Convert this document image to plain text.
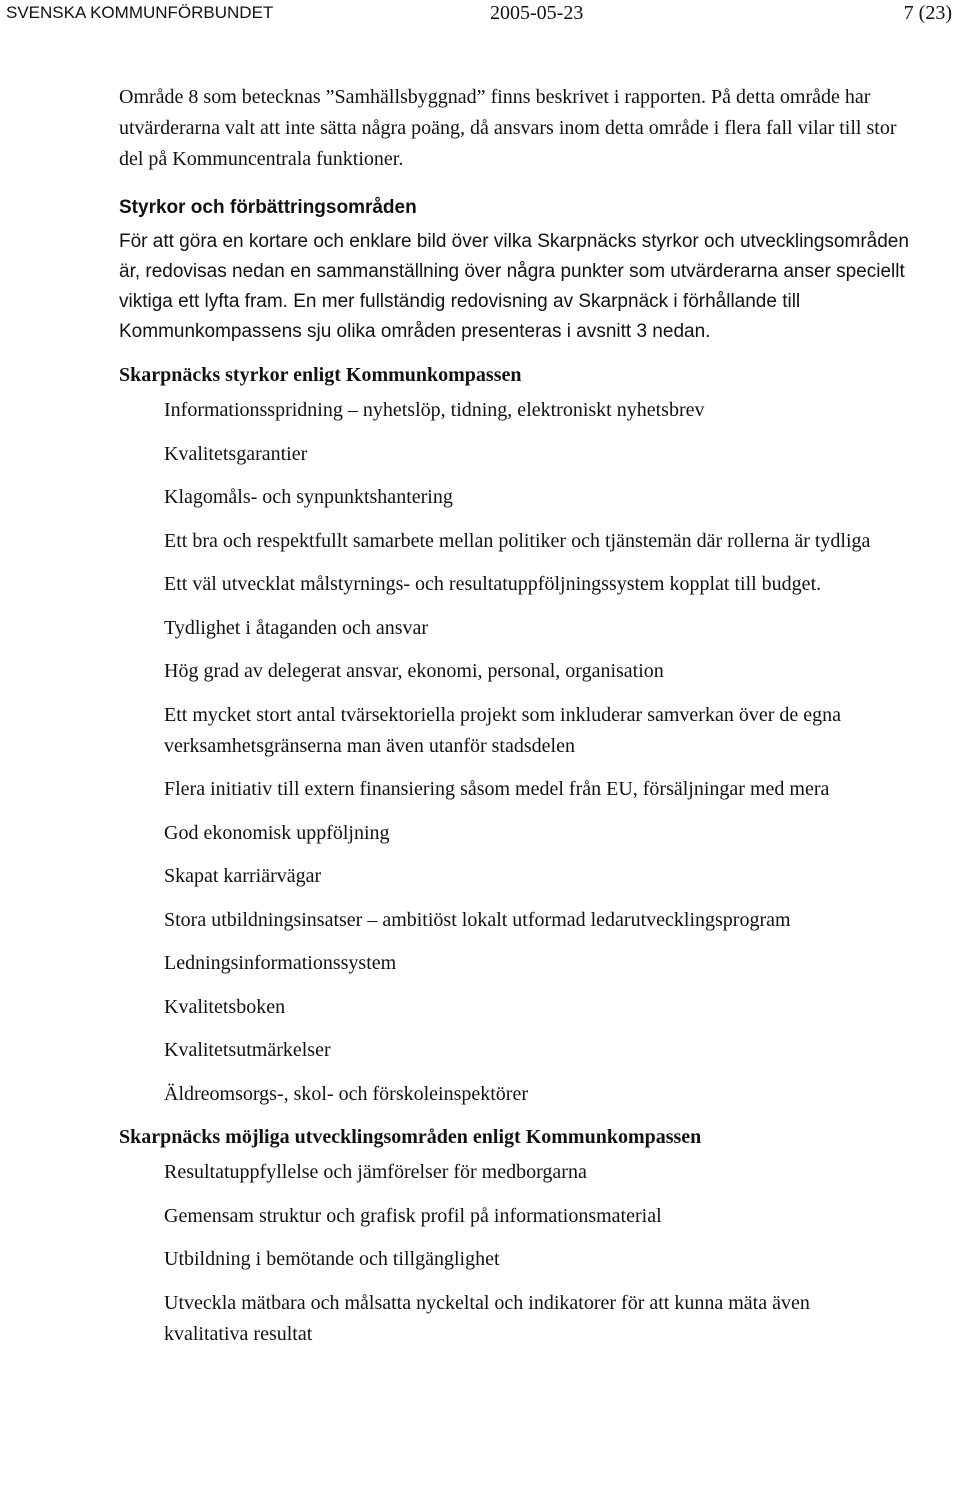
SVENSKA KOMMUNFÖRBUNDET	2005-05-23	7 (23)

Område 8 som betecknas ”Samhällsbyggnad” finns beskrivet i rapporten. På detta område har utvärderarna valt att inte sätta några poäng, då ansvars inom detta område i flera fall vilar till stor del på Kommuncentrala funktioner.

Styrkor och förbättringsområden

För att göra en kortare och enklare bild över vilka Skarpnäcks styrkor och utvecklingsområden är, redovisas nedan en sammanställning över några punkter som utvärderarna anser speciellt viktiga ett lyfta fram. En mer fullständig redovisning av Skarpnäck i förhållande till Kommunkompassens sju olika områden presenteras i avsnitt 3 nedan.

Skarpnäcks styrkor enligt Kommunkompassen
Informationsspridning – nyhetslöp, tidning, elektroniskt nyhetsbrev
Kvalitetsgarantier
Klagomåls- och synpunktshantering
Ett bra och respektfullt samarbete mellan politiker och tjänstemän där rollerna är tydliga
Ett väl utvecklat målstyrnings- och resultatuppföljningssystem kopplat till budget.
Tydlighet i åtaganden och ansvar
Hög grad av delegerat ansvar, ekonomi, personal, organisation
Ett mycket stort antal tvärsektoriella projekt som inkluderar samverkan över de egna verksamhetsgränserna man även utanför stadsdelen
Flera initiativ till extern finansiering såsom medel från EU, försäljningar med mera
God ekonomisk uppföljning
Skapat karriärvägar
Stora utbildningsinsatser – ambitiöst lokalt utformad ledarutvecklingsprogram
Ledningsinformationssystem
Kvalitetsboken
Kvalitetsutmärkelser
Äldreomsorgs-, skol- och förskoleinspektörer
Skarpnäcks möjliga utvecklingsområden enligt Kommunkompassen
Resultatuppfyllelse och jämförelser för medborgarna
Gemensam struktur och grafisk profil på informationsmaterial
Utbildning i bemötande och tillgänglighet
Utveckla mätbara och målsatta nyckeltal och indikatorer för att kunna mäta även kvalitativa resultat
